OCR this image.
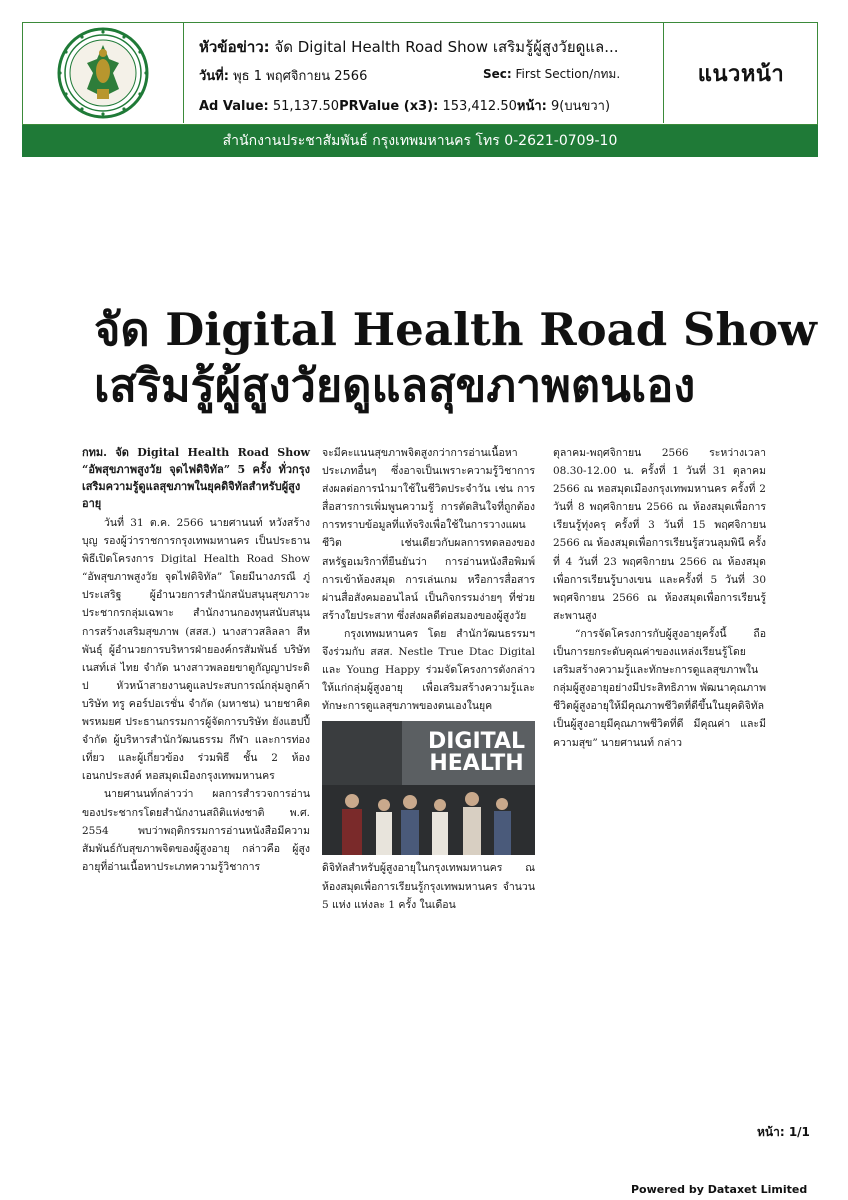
หัวข้อข่าว: จัด Digital Health Road Show เสริมรู้ผู้สูงวัยดูแล...
วันที่: พุธ 1 พฤศจิกายน 2566	Sec: First Section/กทม.
Ad Value: 51,137.50PRValue (x3): 153,412.50หน้า: 9(บนขวา)
แนวหน้า
สำนักงานประชาสัมพันธ์ กรุงเทพมหานคร โทร 0-2621-0709-10
จัด Digital Health Road Show
เสริมรู้ผู้สูงวัยดูแลสุขภาพตนเอง

กทม. จัด Digital Health Road Show “อัพสุขภาพสูงวัย จุดไฟดิจิทัล” 5 ครั้ง ทั่วกรุง เสริมความรู้ดูแลสุขภาพในยุคดิจิทัลสำหรับผู้สูงอายุ

วันที่ 31 ต.ค. 2566 นายศานนท์ หวังสร้างบุญ รองผู้ว่าราชการกรุงเทพมหานคร เป็นประธานพิธีเปิดโครงการ Digital Health Road Show “อัพสุขภาพสูงวัย จุดไฟดิจิทัล” โดยมีนางภรณี ภู่ประเสริฐ ผู้อำนวยการสำนักสนับสนุนสุขภาวะประชากรกลุ่มเฉพาะ สำนักงานกองทุนสนับสนุนการสร้างเสริมสุขภาพ (สสส.) นางสาวสลิลลา สีหพันธุ์ ผู้อำนวยการบริหารฝ่ายองค์กรสัมพันธ์ บริษัท เนสท์เล่ ไทย จำกัด นางสาวพลอยขาดูกัญญาประดิป หัวหน้าสายงานดูแลประสบการณ์กลุ่มลูกค้า บริษัท ทรู คอร์ปอเรชั่น จำกัด (มหาชน) นายชาคิต พรหมยศ ประธานกรรมการผู้จัดการบริษัท ยังแฮปปี้ จำกัด ผู้บริหารสำนักวัฒนธรรม กีฬา และการท่องเที่ยว และผู้เกี่ยวข้อง ร่วมพิธี ชั้น 2 ห้องเอนกประสงค์ หอสมุดเมืองกรุงเทพมหานคร

นายศานนท์กล่าวว่า ผลการสำรวจการอ่านของประชากรโดยสำนักงานสถิติแห่งชาติ พ.ศ. 2554 พบว่าพฤติกรรมการอ่านหนังสือมีความสัมพันธ์กับสุขภาพจิตของผู้สูงอายุ กล่าวคือ ผู้สูงอายุที่อ่านเนื้อหาประเภทความรู้วิชาการ

จะมีคะแนนสุขภาพจิตสูงกว่าการอ่านเนื้อหาประเภทอื่นๆ ซึ่งอาจเป็นเพราะความรู้วิชาการส่งผลต่อการนำมาใช้ในชีวิตประจำวัน เช่น การสื่อสารการเพิ่มพูนความรู้ การตัดสินใจที่ถูกต้อง การทราบข้อมูลที่แท้จริงเพื่อใช้ในการวางแผนชีวิต เช่นเดียวกับผลการทดลองของสหรัฐอเมริกาที่ยืนยันว่า การอ่านหนังสือพิมพ์ การเข้าห้องสมุด การเล่นเกม หรือการสื่อสารผ่านสื่อสังคมออนไลน์ เป็นกิจกรรมง่ายๆ ที่ช่วยสร้างใยประสาท ซึ่งส่งผลดีต่อสมองของผู้สูงวัย

กรุงเทพมหานคร โดย สำนักวัฒนธรรมฯ จึงร่วมกับ สสส. Nestle True Dtac Digital และ Young Happy ร่วมจัดโครงการดังกล่าวให้แก่กลุ่มผู้สูงอายุ เพื่อเสริมสร้างความรู้และทักษะการดูแลสุขภาพของตนเองในยุค

DIGITAL HEALTH

ดิจิทัลสำหรับผู้สูงอายุในกรุงเทพมหานคร ณ ห้องสมุดเพื่อการเรียนรู้กรุงเทพมหานคร จำนวน 5 แห่ง แห่งละ 1 ครั้ง ในเดือน

ตุลาคม-พฤศจิกายน 2566 ระหว่างเวลา 08.30-12.00 น. ครั้งที่ 1 วันที่ 31 ตุลาคม 2566 ณ หอสมุดเมืองกรุงเทพมหานคร ครั้งที่ 2 วันที่ 8 พฤศจิกายน 2566 ณ ห้องสมุดเพื่อการเรียนรู้ทุ่งครุ ครั้งที่ 3 วันที่ 15 พฤศจิกายน 2566 ณ ห้องสมุดเพื่อการเรียนรู้สวนลุมพินี ครั้งที่ 4 วันที่ 23 พฤศจิกายน 2566 ณ ห้องสมุดเพื่อการเรียนรู้บางเขน และครั้งที่ 5 วันที่ 30 พฤศจิกายน 2566 ณ ห้องสมุดเพื่อการเรียนรู้สะพานสูง

“การจัดโครงการกับผู้สูงอายุครั้งนี้ ถือเป็นการยกระดับคุณค่าของแหล่งเรียนรู้โดยเสริมสร้างความรู้และทักษะการดูแลสุขภาพในกลุ่มผู้สูงอายุอย่างมีประสิทธิภาพ พัฒนาคุณภาพชีวิตผู้สูงอายุให้มีคุณภาพชีวิตที่ดีขึ้นในยุคดิจิทัล เป็นผู้สูงอายุมีคุณภาพชีวิตที่ดี มีคุณค่า และมีความสุข” นายศานนท์ กล่าว

หน้า: 1/1
Powered by Dataxet Limited
